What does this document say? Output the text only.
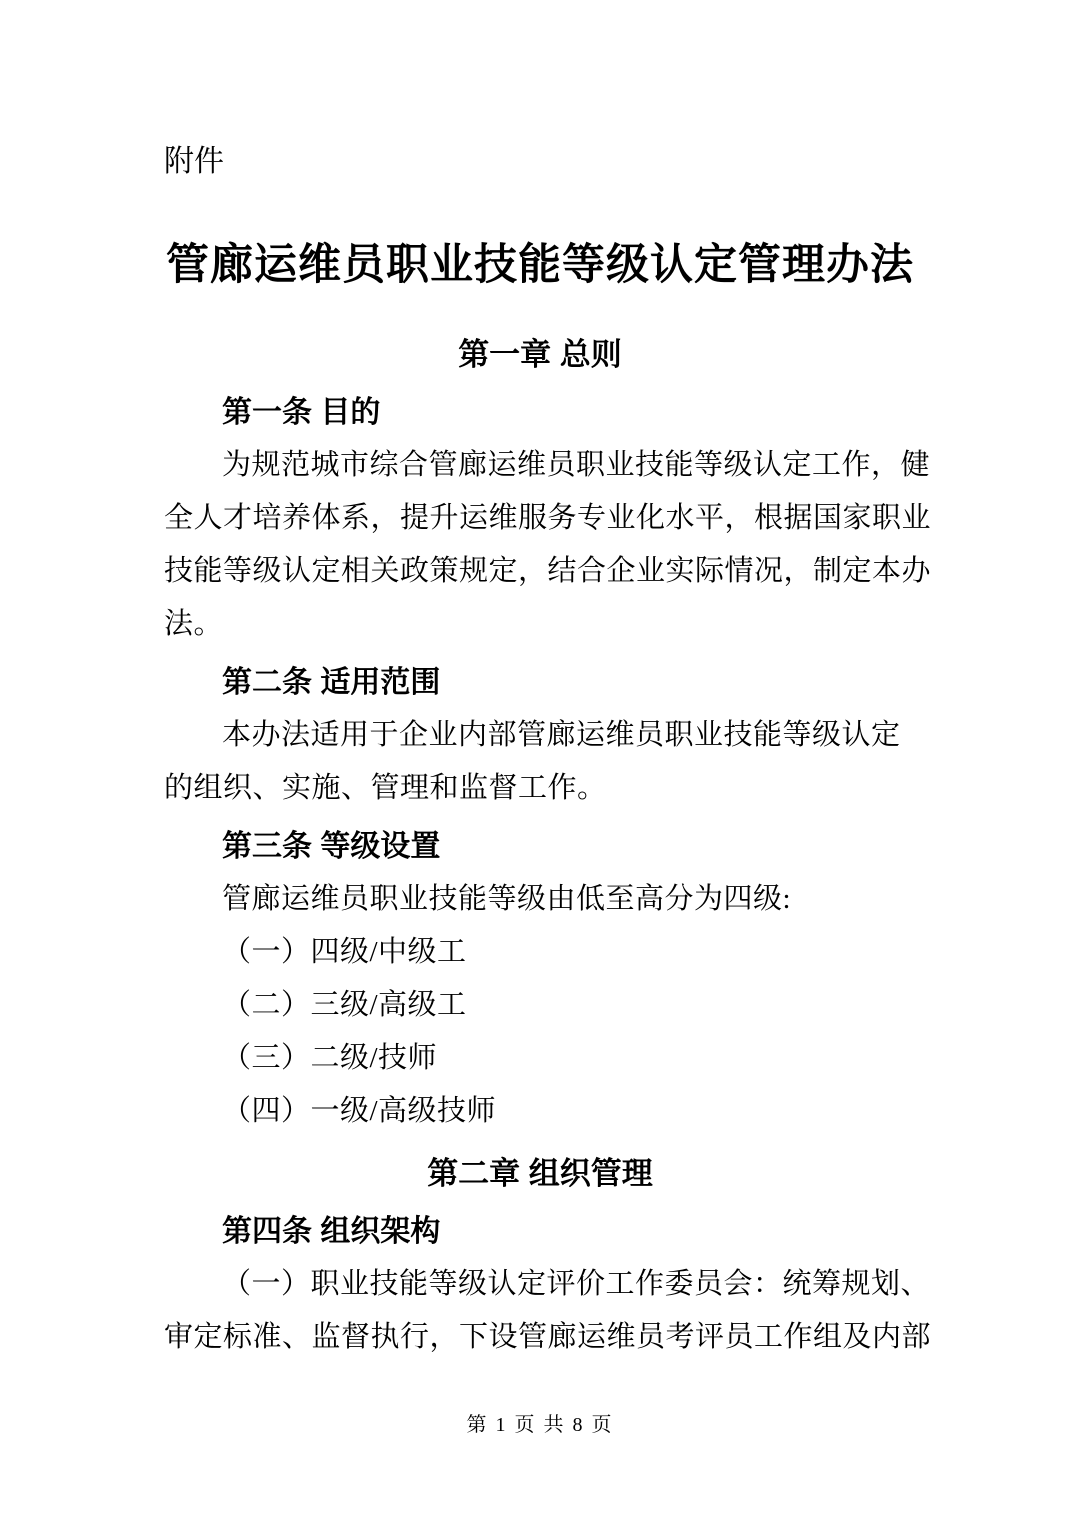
附件
管廊运维员职业技能等级认定管理办法
第一章 总则
第一条 目的
为规范城市综合管廊运维员职业技能等级认定工作，健
全人才培养体系，提升运维服务专业化水平，根据国家职业
技能等级认定相关政策规定，结合企业实际情况，制定本办
法。
第二条 适用范围
本办法适用于企业内部管廊运维员职业技能等级认定
的组织、实施、管理和监督工作。
第三条 等级设置
管廊运维员职业技能等级由低至高分为四级:
（一）四级/中级工
（二）三级/高级工
（三）二级/技师
（四）一级/高级技师
第二章 组织管理
第四条 组织架构
（一）职业技能等级认定评价工作委员会：统筹规划、
审定标准、监督执行，下设管廊运维员考评员工作组及内部
第 1 页 共 8 页
